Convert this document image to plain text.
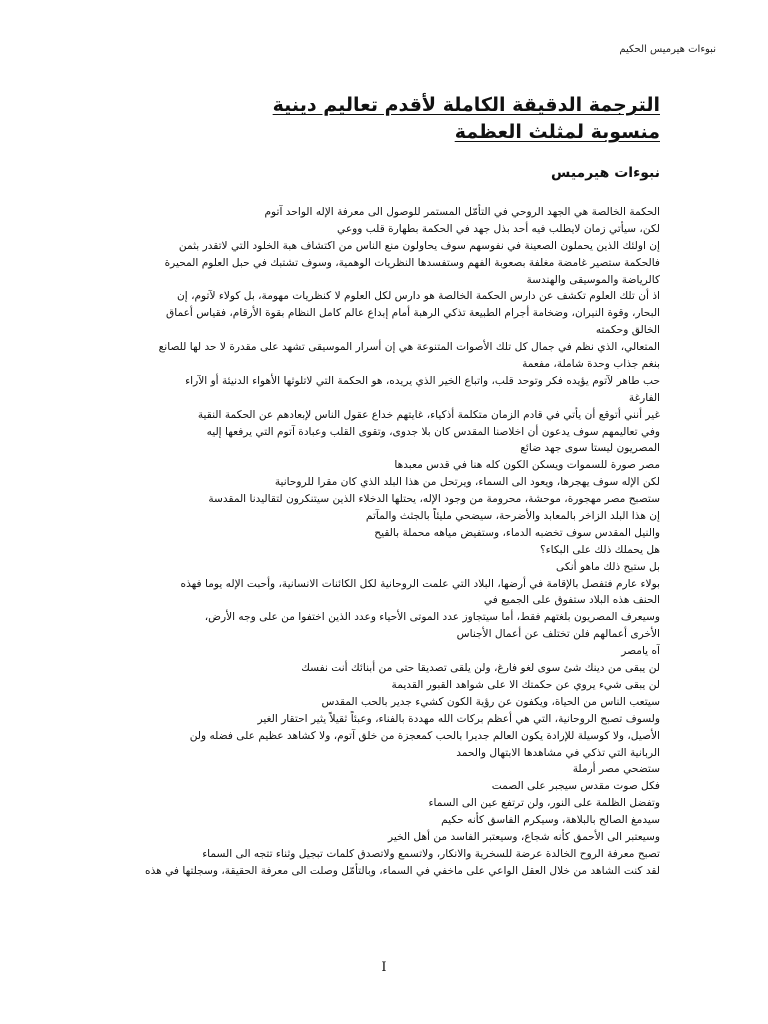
نبوءات هيرميس الحكيم
الترجمة الدقيقة الكاملة لأقدم تعاليم دينية
منسوبة لمثلث العظمة
نبوءات هيرميس
الحكمة الخالصة هي الجهد الروحي في التأمّل المستمر للوصول الى معرفة الإله الواحد آتوم
لكن، سيأتي زمان لايطلب فيه أحد بذل جهد في الحكمة بطهارة قلب ووعي
إن اولئك الذين يحملون الصعينة في نفوسهم سوف يحاولون منع الناس من اكتشاف هبة الخلود التي لاتقدر بثمن
فالحكمة ستصير غامضة مغلفة بصعوبة الفهم وستفسدها النظريات الوهمية، وسوف تشتبك في حبل العلوم المحيرة
كالرياضة والموسيقى والهندسة
اذ أن تلك العلوم تكشف عن دارس الحكمة الخالصة هو دارس لكل العلوم لا كنظريات مهومة، بل كولاء لآتوم، إن
البحار، وقوة النيران، وضخامة أجرام الطبيعة تذكي الرهبة أمام إبداع عالم كامل النظام بقوة الأرقام، فقياس أعماق
الخالق وحكمته
المتعالي، الذي نظم في جمال كل تلك الأصوات المتنوعة هي إن أسرار الموسيقى تشهد على مقدرة لا حد لها للصانع
بنغم جذاب وحدة شاملة، مفعمة
حب طاهر لآتوم يؤيده فكر وتوحد قلب، واتباع الخير الذي يريده، هو الحكمة التي لاتلوثها الأهواء الدنيئة أو الآراء
الفارغة
غير أنني أتوقع أن يأتي في قادم الزمان متكلمة أذكياء، غايتهم خداع عقول الناس لإبعادهم عن الحكمة النقية
وفي تعاليمهم سوف يدعون أن اخلاصنا المقدس كان بلا جدوى، وتقوى القلب وعبادة آتوم التي يرفعها إليه
المصريون ليستا سوى جهد ضائع
مصر صورة للسموات ويسكن الكون كله هنا في قدس معبدها
لكن الإله سوف يهجرها، ويعود الى السماء، ويرتحل من هذا البلد الذي كان مقرا للروحانية
ستصبح مصر مهجورة، موحشة، محرومة من وجود الإله، يحتلها الدخلاء الذين سيتنكرون لتقاليدنا المقدسة
إن هذا البلد الزاخر بالمعابد والأضرحة، سيضحي مليئاً بالجثث والمآتم
والنيل المقدس سوف تخضبه الدماء، وستفيض مياهه محملة بالقيح
هل يحملك ذلك على البكاء؟
بل ستبح ذلك ماهو أنكى
بولاء عارم فتفصل بالإقامة في أرضها، البلاد التي علمت الروحانية لكل الكائنات الانسانية، وأحبت الإله يوما فهذه
الحنف هذه البلاد ستفوق على الجميع في
وسيعرف المصريون بلغتهم فقط، أما سيتجاوز عدد الموتى الأحياء وعدد الذين اختفوا من على وجه الأرض،
الأخرى أعمالهم فلن تختلف عن أعمال الأجناس
آه يامصر
لن يبقى من دينك شئ سوى لغو فارغ، ولن يلقى تصديقا حتى من أبنائك أنت نفسك
لن يبقى شيء يروي عن حكمتك الا على شواهد القبور القديمة
سيتعب الناس من الحياة، ويكفون عن رؤية الكون كشيء جدير بالحب المقدس
ولسوف تصبح الروحانية، التي هي أعظم بركات الله مهددة بالفناء، وعبئاً ثقيلاً يثير احتقار الغير
الأصيل، ولا كوسيلة للإرادة يكون العالم جديرا بالحب كمعجزة من خلق آتوم، ولا كشاهد عظيم على فضله ولن
الربانية التي تذكي في مشاهدها الابتهال والحمد
ستضحي مصر أرملة
فكل صوت مقدس سيجبر على الصمت
وتفضل الظلمة على النور، ولن ترتفع عين الى السماء
سيدمغ الصالح بالبلاهة، وسيكرم الفاسق كأنه حكيم
وسيعتبر الى الأحمق كأنه شجاع، وسيعتبر الفاسد من أهل الخير
تصبح معرفة الروح الخالدة عرضة للسخرية والانكار، ولاتسمع ولاتصدق كلمات تبجيل وثناء تتجه الى السماء
لقد كنت الشاهد من خلال العقل الواعي على ماخفي في السماء، وبالتأمّل وصلت الى معرفة الحقيقة، وسجلتها في هذه
I
